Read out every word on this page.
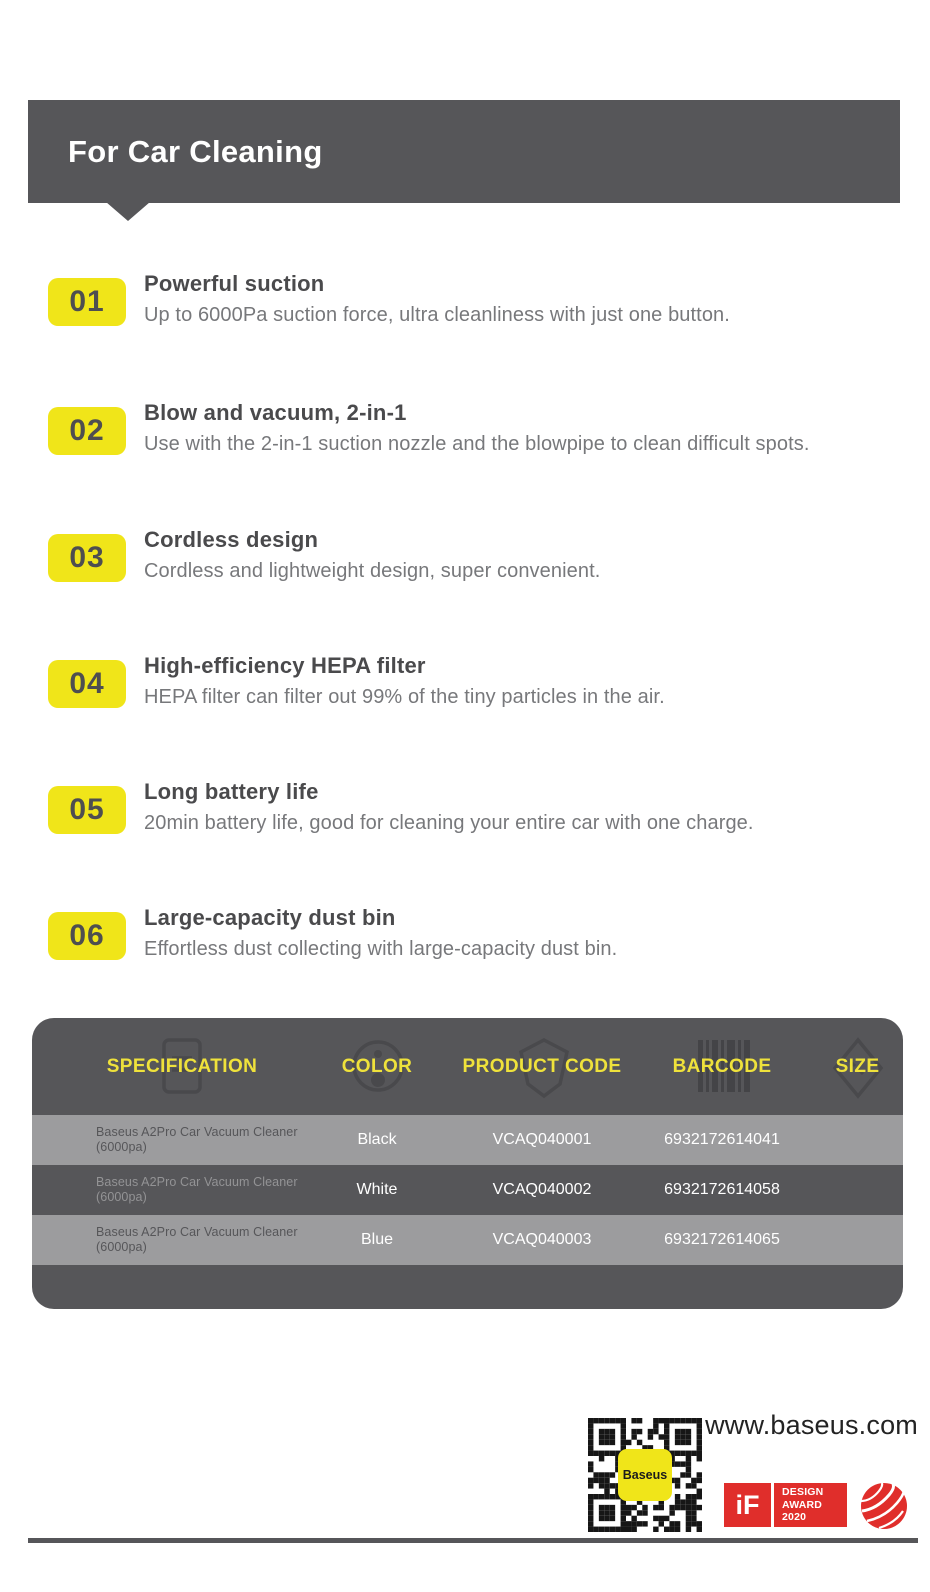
For Car Cleaning
01
Powerful suction

Up to 6000Pa suction force, ultra cleanliness with just one button.

02
Blow and vacuum, 2-in-1

Use with the 2-in-1 suction nozzle and the blowpipe to clean difficult spots.

03
Cordless design

Cordless and lightweight design, super convenient.

04
High-efficiency HEPA filter

HEPA filter can filter out 99% of the tiny particles in the air.

05
Long battery life

20min battery life, good for cleaning your entire car with one charge.

06
Large-capacity dust bin

Effortless dust collecting with large-capacity dust bin.

SPECIFICATION	COLOR	PRODUCT CODE	BARCODE	SIZE
Baseus A2Pro Car Vacuum Cleaner (6000pa)	Black	VCAQ040001	6932172614041
Baseus A2Pro Car Vacuum Cleaner (6000pa)	White	VCAQ040002	6932172614058
Baseus A2Pro Car Vacuum Cleaner (6000pa)	Blue	VCAQ040003	6932172614065
Baseus
www.baseus.com
iF	DESIGN
AWARD
2020
